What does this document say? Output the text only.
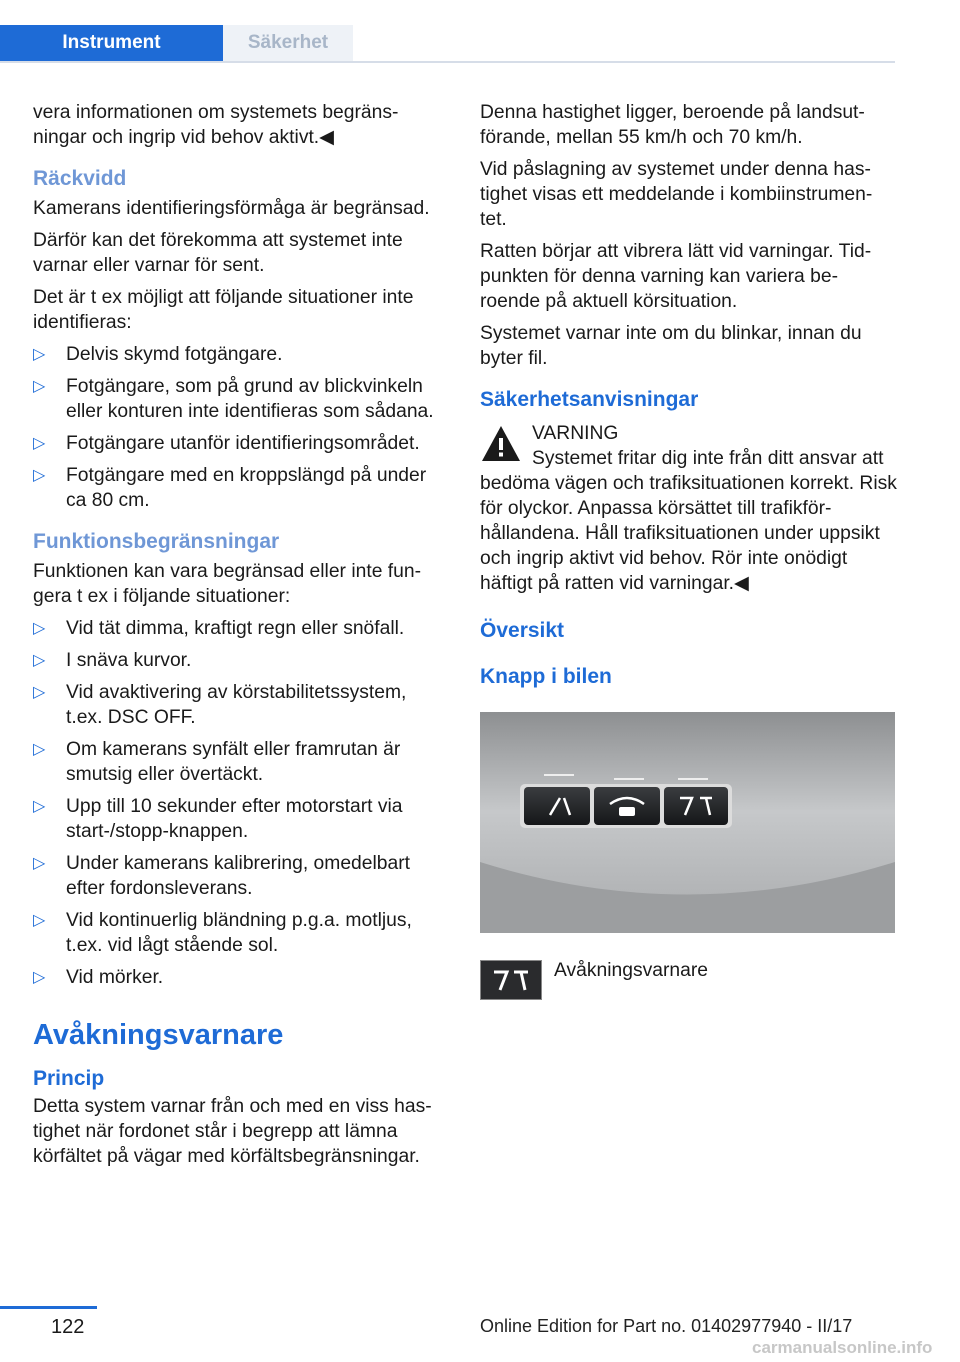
Instrument	Säkerhet

vera informationen om systemets begräns-ningar och ingrip vid behov aktivt.◀

Räckvidd

Kamerans identifieringsförmåga är begränsad.

Därför kan det förekomma att systemet inte varnar eller varnar för sent.

Det är t ex möjligt att följande situationer inte identifieras:

▷ Delvis skymd fotgängare.
▷ Fotgängare, som på grund av blickvinkeln eller konturen inte identifieras som sådana.
▷ Fotgängare utanför identifieringsområdet.
▷ Fotgängare med en kroppslängd på under ca 80 cm.
Funktionsbegränsningar

Funktionen kan vara begränsad eller inte fun-gera t ex i följande situationer:

▷ Vid tät dimma, kraftigt regn eller snöfall.
▷ I snäva kurvor.
▷ Vid avaktivering av körstabilitetssystem, t.ex. DSC OFF.
▷ Om kamerans synfält eller framrutan är smutsig eller övertäckt.
▷ Upp till 10 sekunder efter motorstart via start-/stopp-knappen.
▷ Under kamerans kalibrering, omedelbart efter fordonsleverans.
▷ Vid kontinuerlig bländning p.g.a. motljus, t.ex. vid lågt stående sol.
▷ Vid mörker.
Avåkningsvarnare
Princip

Detta system varnar från och med en viss has-tighet när fordonet står i begrepp att lämna körfältet på vägar med körfältsbegränsningar.

Denna hastighet ligger, beroende på landsut-förande, mellan 55 km/h och 70 km/h.

Vid påslagning av systemet under denna has-tighet visas ett meddelande i kombiinstrumen-tet.

Ratten börjar att vibrera lätt vid varningar. Tid-punkten för denna varning kan variera be-roende på aktuell körsituation.

Systemet varnar inte om du blinkar, innan du byter fil.

Säkerhetsanvisningar
VARNING
Systemet fritar dig inte från ditt ansvar att bedöma vägen och trafiksituationen korrekt. Risk för olyckor. Anpassa körsättet till trafikför-hållandena. Håll trafiksituationen under uppsikt och ingrip aktivt vid behov. Rör inte onödigt häftigt på ratten vid varningar.◀
Översikt
Knapp i bilen
Avåkningsvarnare
122	Online Edition for Part no. 01402977940 - II/17
carmanualsonline.info
